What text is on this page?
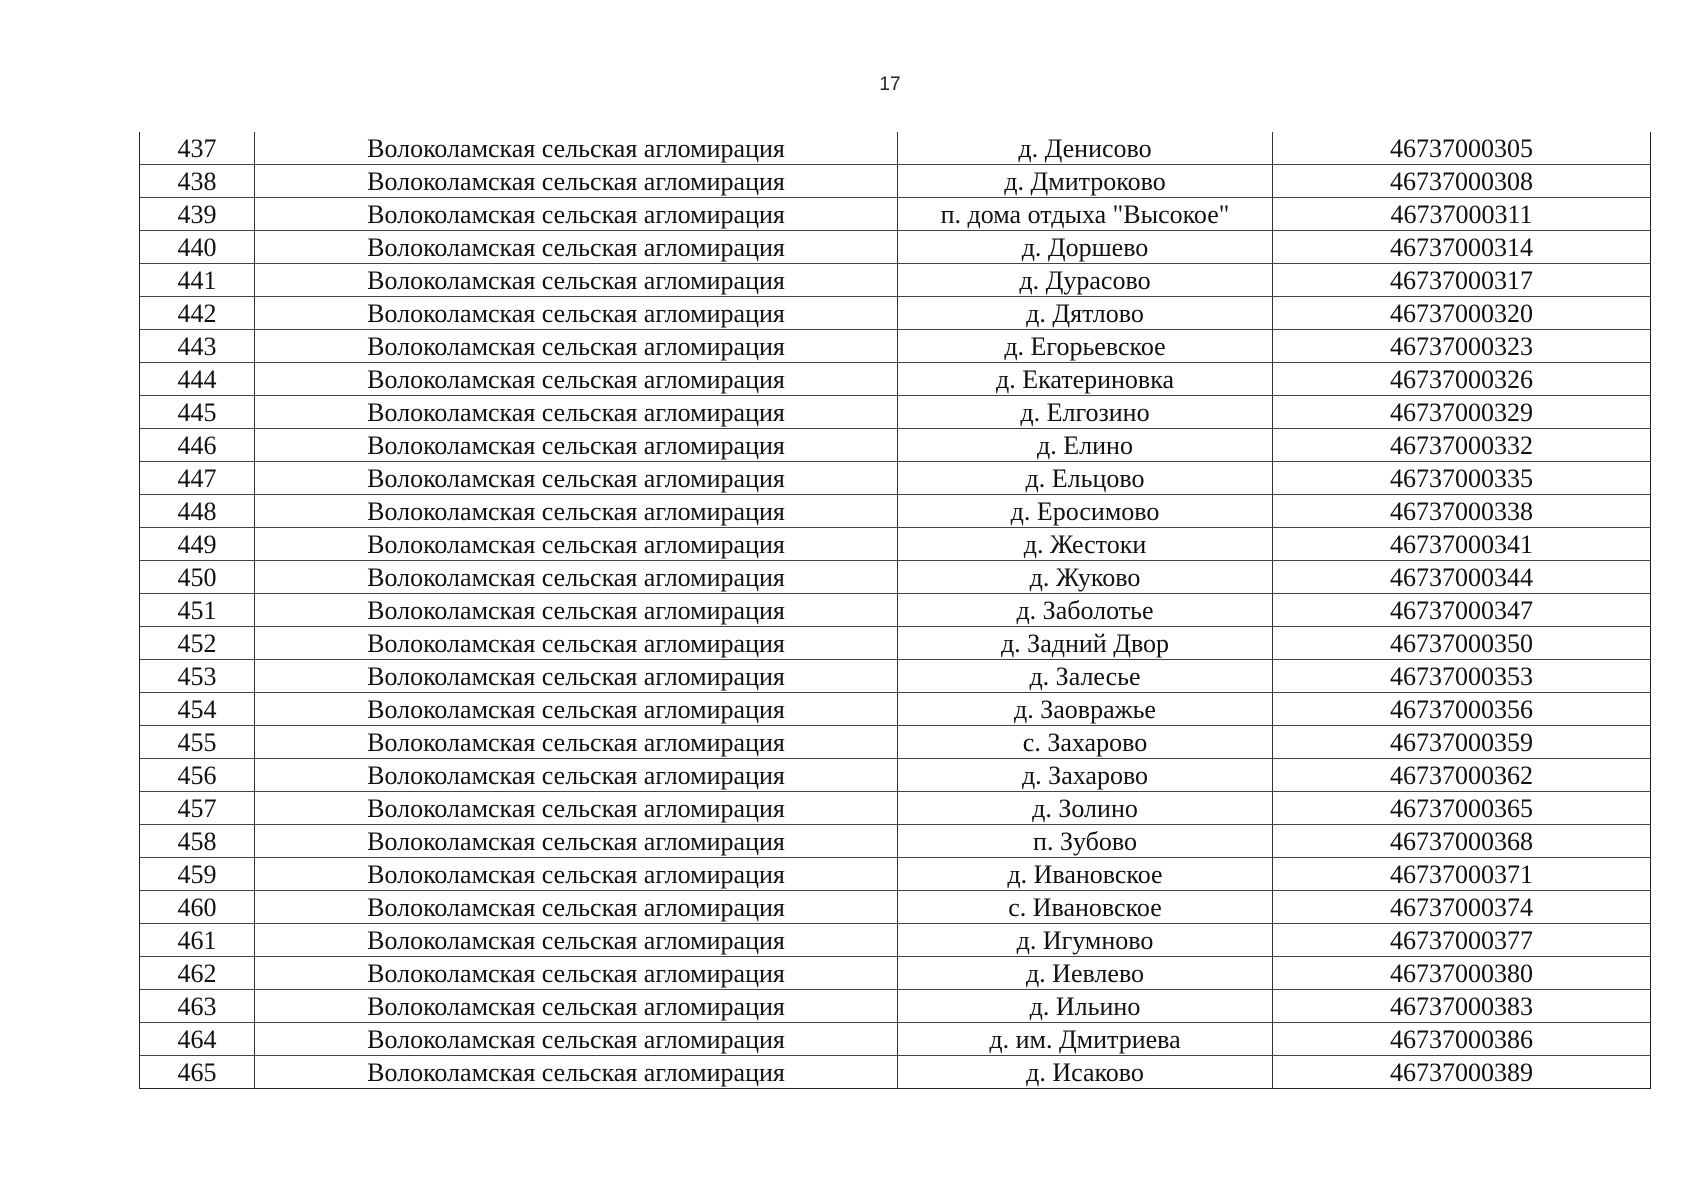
17
437	Волоколамская сельская агломирация	д. Денисово	46737000305
438	Волоколамская сельская агломирация	д. Дмитроково	46737000308
439	Волоколамская сельская агломирация	п. дома отдыха "Высокое"	46737000311
440	Волоколамская сельская агломирация	д. Доршево	46737000314
441	Волоколамская сельская агломирация	д. Дурасово	46737000317
442	Волоколамская сельская агломирация	д. Дятлово	46737000320
443	Волоколамская сельская агломирация	д. Егорьевское	46737000323
444	Волоколамская сельская агломирация	д. Екатериновка	46737000326
445	Волоколамская сельская агломирация	д. Елгозино	46737000329
446	Волоколамская сельская агломирация	д. Елино	46737000332
447	Волоколамская сельская агломирация	д. Ельцово	46737000335
448	Волоколамская сельская агломирация	д. Еросимово	46737000338
449	Волоколамская сельская агломирация	д. Жестоки	46737000341
450	Волоколамская сельская агломирация	д. Жуково	46737000344
451	Волоколамская сельская агломирация	д. Заболотье	46737000347
452	Волоколамская сельская агломирация	д. Задний Двор	46737000350
453	Волоколамская сельская агломирация	д. Залесье	46737000353
454	Волоколамская сельская агломирация	д. Заовражье	46737000356
455	Волоколамская сельская агломирация	с. Захарово	46737000359
456	Волоколамская сельская агломирация	д. Захарово	46737000362
457	Волоколамская сельская агломирация	д. Золино	46737000365
458	Волоколамская сельская агломирация	п. Зубово	46737000368
459	Волоколамская сельская агломирация	д. Ивановское	46737000371
460	Волоколамская сельская агломирация	с. Ивановское	46737000374
461	Волоколамская сельская агломирация	д. Игумново	46737000377
462	Волоколамская сельская агломирация	д. Иевлево	46737000380
463	Волоколамская сельская агломирация	д. Ильино	46737000383
464	Волоколамская сельская агломирация	д. им. Дмитриева	46737000386
465	Волоколамская сельская агломирация	д. Исаково	46737000389
